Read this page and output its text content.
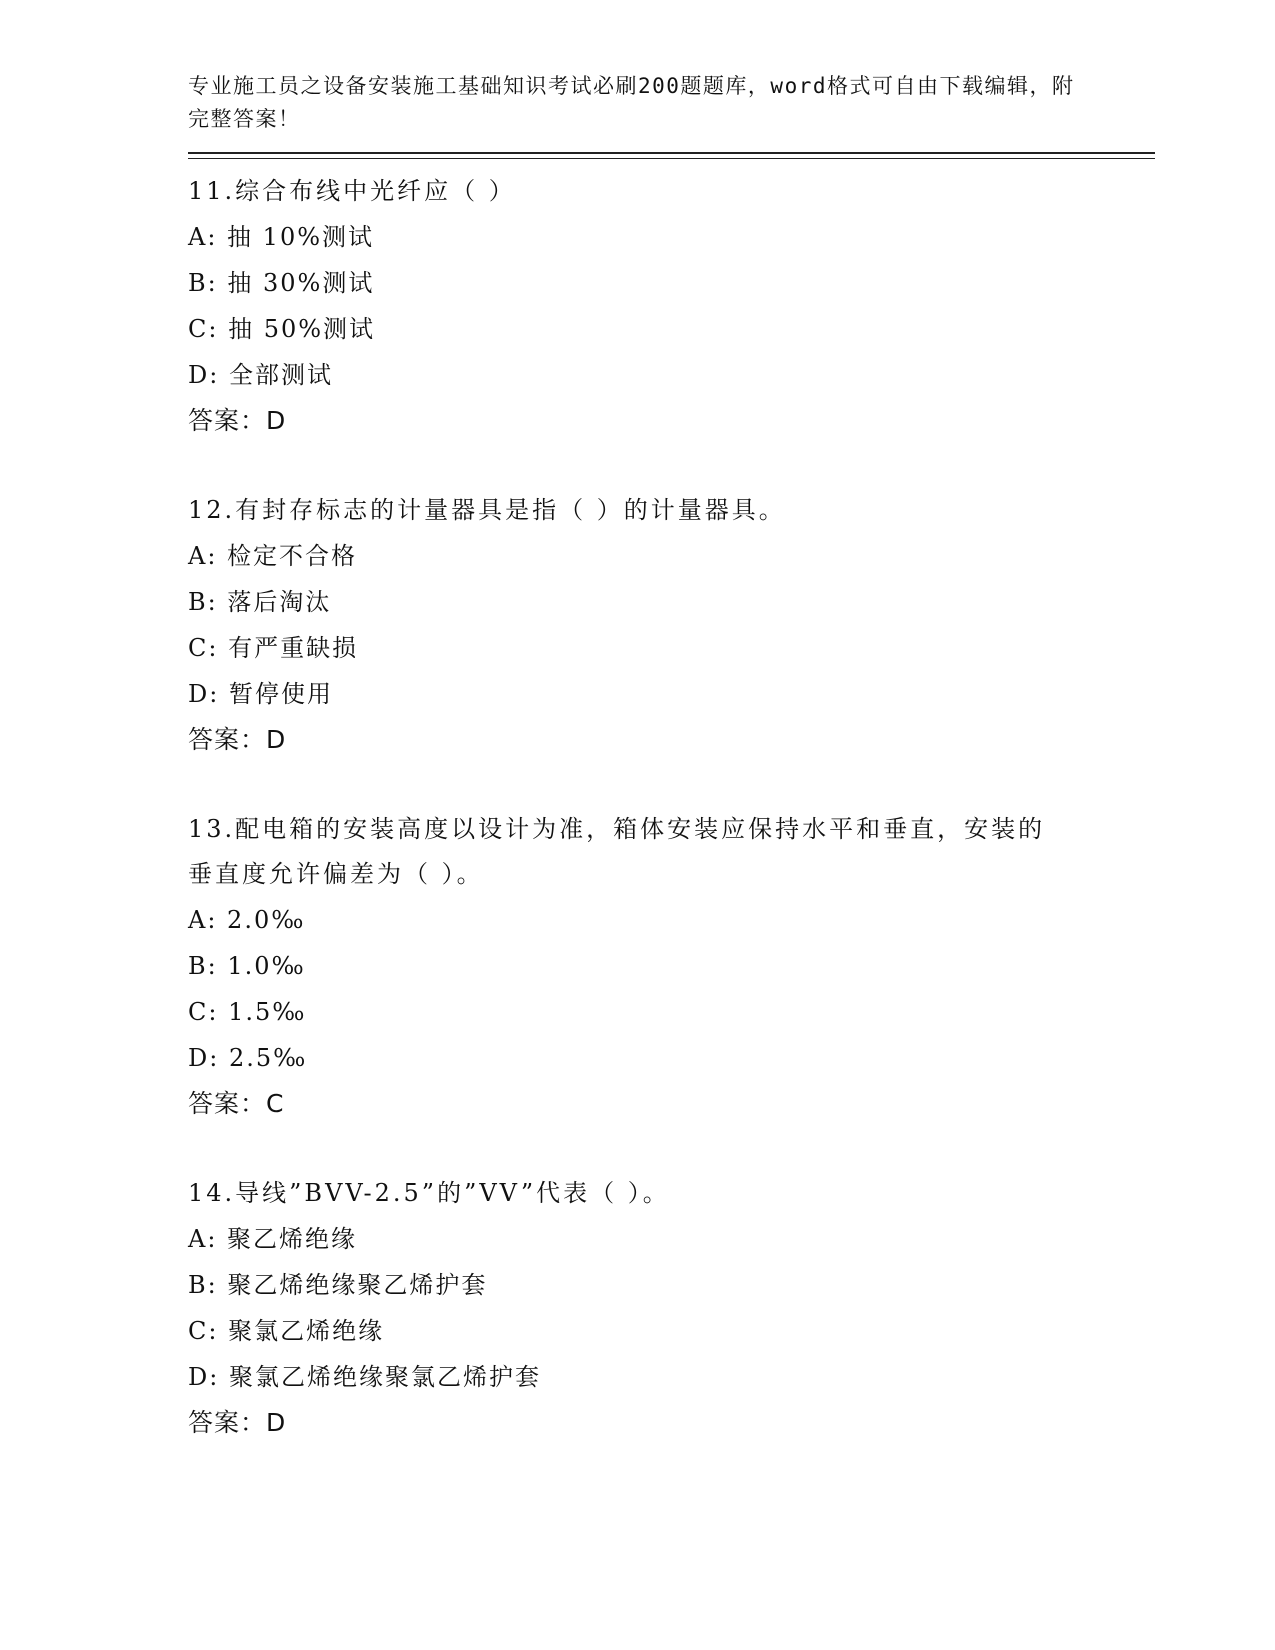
专业施工员之设备安装施工基础知识考试必刷200题题库，word格式可自由下载编辑，附完整答案！

11.综合布线中光纤应（ ）

A: 抽 10%测试

B: 抽 30%测试

C: 抽 50%测试

D: 全部测试

答案：D

12.有封存标志的计量器具是指（ ）的计量器具。

A: 检定不合格

B: 落后淘汰

C: 有严重缺损

D: 暂停使用

答案：D

13.配电箱的安装高度以设计为准，箱体安装应保持水平和垂直，安装的垂直度允许偏差为（ ）。

A: 2.0‰

B: 1.0‰

C: 1.5‰

D: 2.5‰

答案：C

14.导线”BVV-2.5”的”VV”代表（ ）。

A: 聚乙烯绝缘

B: 聚乙烯绝缘聚乙烯护套

C: 聚氯乙烯绝缘

D: 聚氯乙烯绝缘聚氯乙烯护套

答案：D
